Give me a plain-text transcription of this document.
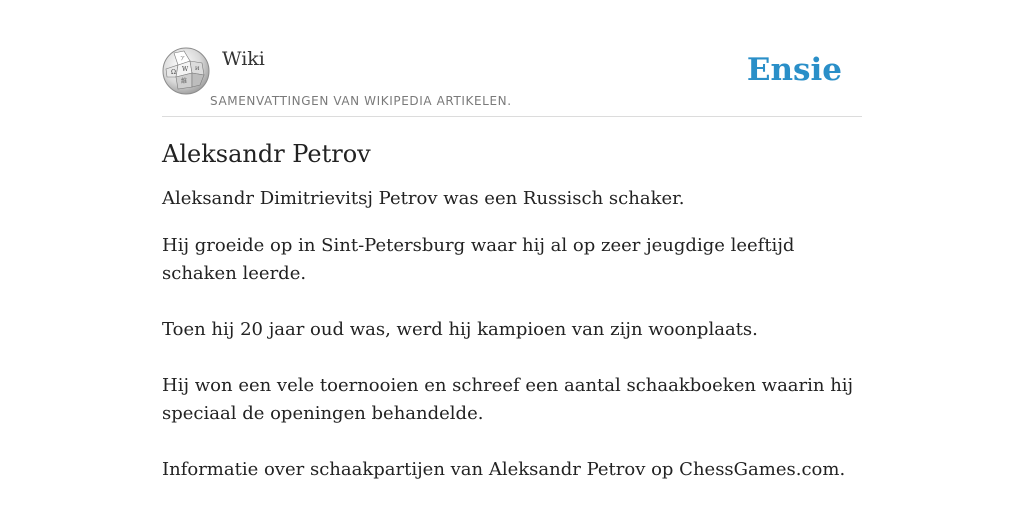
Ω W И
維
ア Wiki
SAMENVATTINGEN VAN WIKIPEDIA ARTIKELEN.
Ensie
Aleksandr Petrov

Aleksandr Dimitrievitsj Petrov was een Russisch schaker.

Hij groeide op in Sint-Petersburg waar hij al op zeer jeugdige leeftijd schaken leerde.

Toen hij 20 jaar oud was, werd hij kampioen van zijn woonplaats.

Hij won een vele toernooien en schreef een aantal schaakboeken waarin hij speciaal de openingen behandelde.

Informatie over schaakpartijen van Aleksandr Petrov op ChessGames.com.
